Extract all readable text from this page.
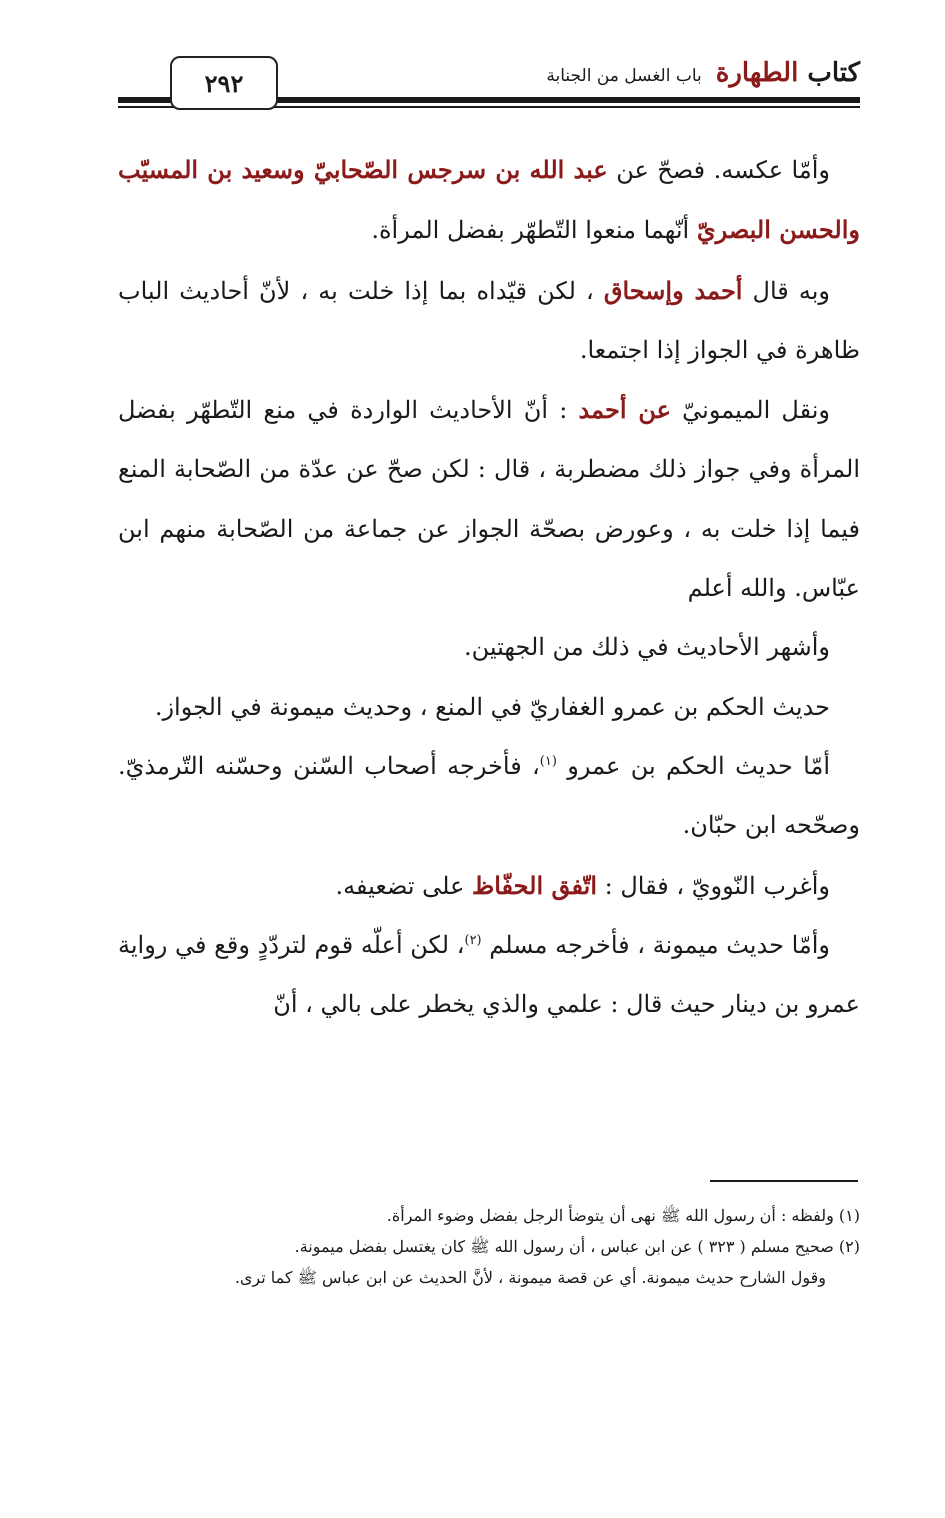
٢٩٢	كتاب الطهارةباب الغسل من الجنابة

وأمّا عكسه. فصحّ عن عبد الله بن سرجس الصّحابيّ وسعيد بن المسيّب والحسن البصريّ أنّهما منعوا التّطهّر بفضل المرأة.

وبه قال أحمد وإسحاق ، لكن قيّداه بما إذا خلت به ، لأنّ أحاديث الباب ظاهرة في الجواز إذا اجتمعا.

ونقل الميمونيّ عن أحمد : أنّ الأحاديث الواردة في منع التّطهّر بفضل المرأة وفي جواز ذلك مضطربة ، قال : لكن صحّ عن عدّة من الصّحابة المنع فيما إذا خلت به ، وعورض بصحّة الجواز عن جماعة من الصّحابة منهم ابن عبّاس. والله أعلم

وأشهر الأحاديث في ذلك من الجهتين.

حديث الحكم بن عمرو الغفاريّ في المنع ، وحديث ميمونة في الجواز.

أمّا حديث الحكم بن عمرو $^{(١)}$، فأخرجه أصحاب السّنن وحسّنه التّرمذيّ. وصحّحه ابن حبّان.

وأغرب النّوويّ ، فقال : اتّفق الحفّاظ على تضعيفه.

وأمّا حديث ميمونة ، فأخرجه مسلم $^{(٢)}$، لكن أعلّه قوم لتردّدٍ وقع في رواية عمرو بن دينار حيث قال : علمي والذي يخطر على بالي ، أنّ

(١) ولفظه : أن رسول الله ﷺ نهى أن يتوضأ الرجل بفضل وضوء المرأة.

(٢) صحيح مسلم ( ٣٢٣ ) عن ابن عباس ، أن رسول الله ﷺ كان يغتسل بفضل ميمونة.

وقول الشارح حديث ميمونة. أي عن قصة ميمونة ، لأنَّ الحديث عن ابن عباس ﷺ كما ترى.
